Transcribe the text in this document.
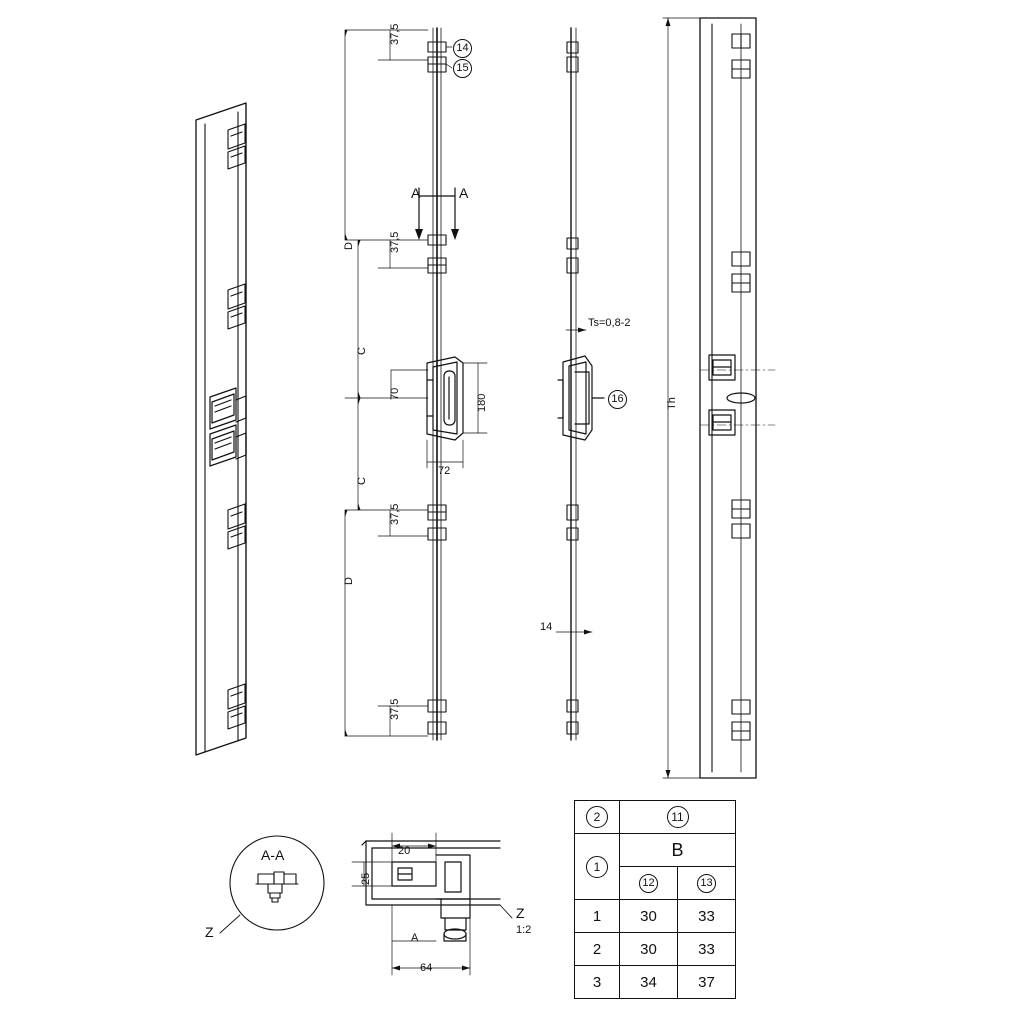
37,5
D	37,5
C
70	180
72
C
37,5
D
37,5
Ts=0,8-2
14
Th
20
25
64
A
A	A
14
15
16
A-A
Z
Z
1:2
2	11	
1	B	
	12	13
1	30	33
2	30	33
3	34	37
